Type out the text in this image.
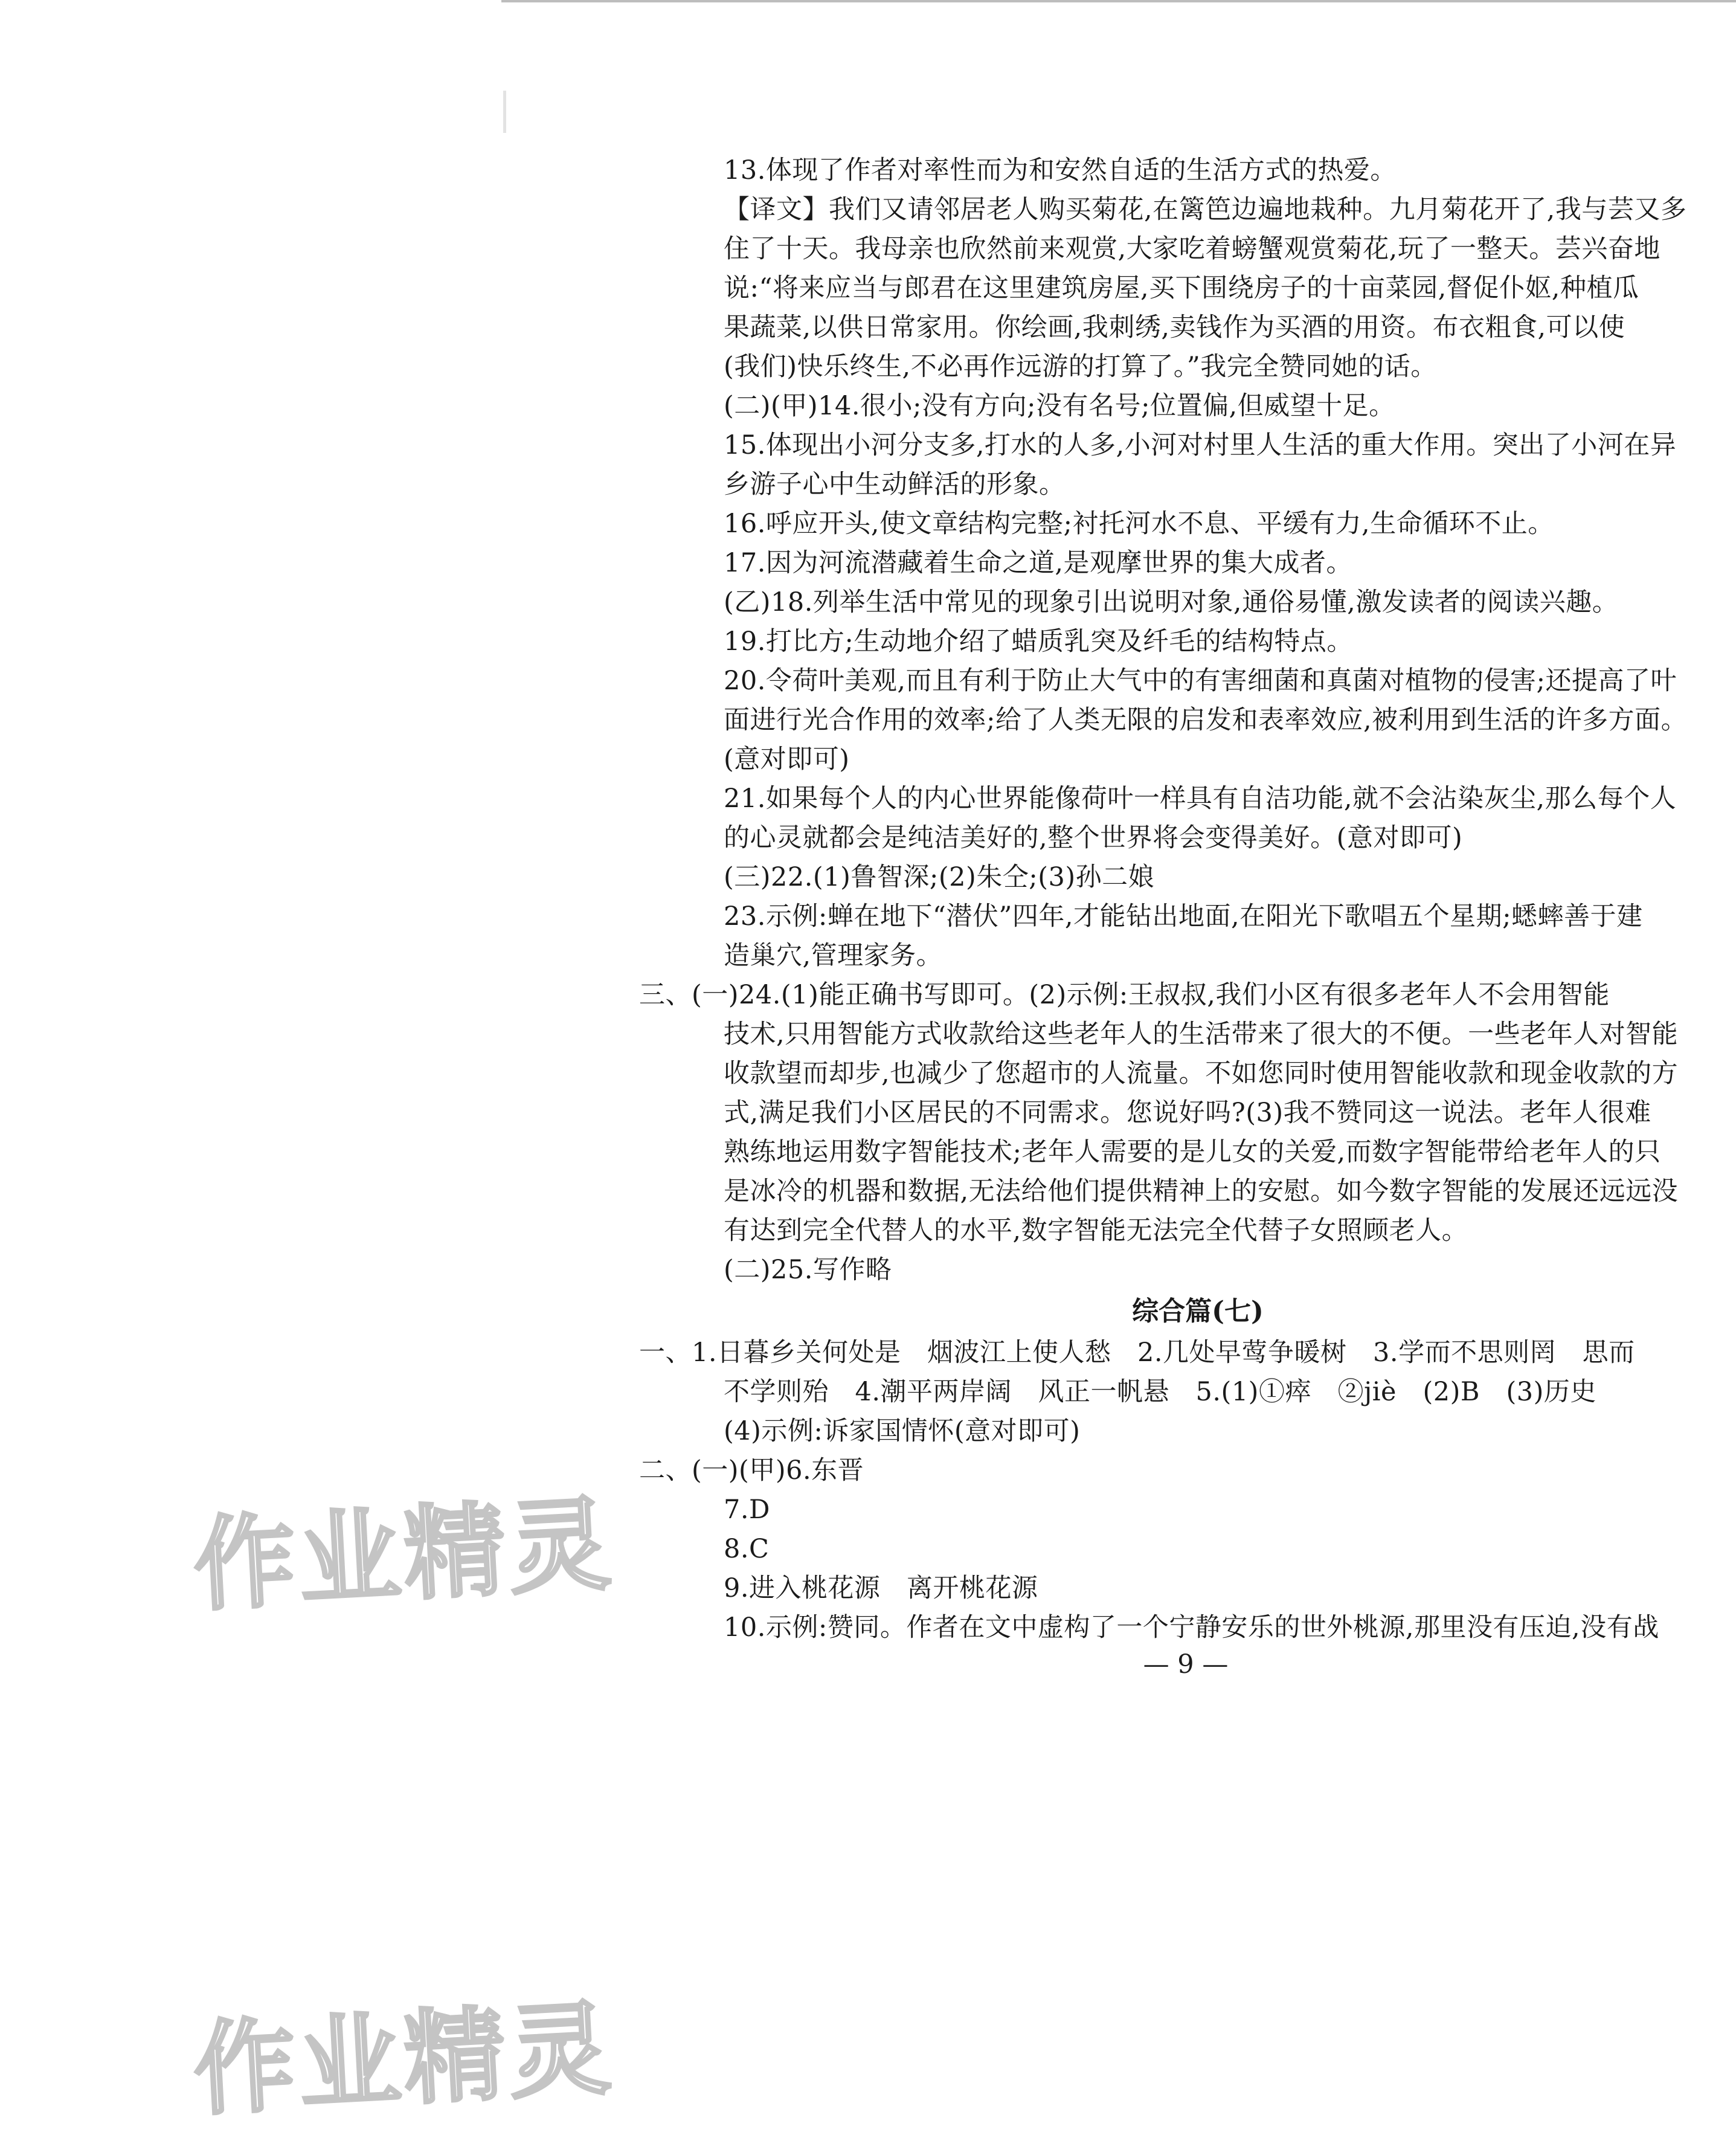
13.体现了作者对率性而为和安然自适的生活方式的热爱。
【译文】我们又请邻居老人购买菊花,在篱笆边遍地栽种。九月菊花开了,我与芸又多
住了十天。我母亲也欣然前来观赏,大家吃着螃蟹观赏菊花,玩了一整天。芸兴奋地
说:“将来应当与郎君在这里建筑房屋,买下围绕房子的十亩菜园,督促仆妪,种植瓜
果蔬菜,以供日常家用。你绘画,我刺绣,卖钱作为买酒的用资。布衣粗食,可以使
(我们)快乐终生,不必再作远游的打算了。”我完全赞同她的话。
(二)(甲)14.很小;没有方向;没有名号;位置偏,但威望十足。
15.体现出小河分支多,打水的人多,小河对村里人生活的重大作用。突出了小河在异
乡游子心中生动鲜活的形象。
16.呼应开头,使文章结构完整;衬托河水不息、平缓有力,生命循环不止。
17.因为河流潜藏着生命之道,是观摩世界的集大成者。
(乙)18.列举生活中常见的现象引出说明对象,通俗易懂,激发读者的阅读兴趣。
19.打比方;生动地介绍了蜡质乳突及纤毛的结构特点。
20.令荷叶美观,而且有利于防止大气中的有害细菌和真菌对植物的侵害;还提高了叶
面进行光合作用的效率;给了人类无限的启发和表率效应,被利用到生活的许多方面。
(意对即可)
21.如果每个人的内心世界能像荷叶一样具有自洁功能,就不会沾染灰尘,那么每个人
的心灵就都会是纯洁美好的,整个世界将会变得美好。(意对即可)
(三)22.(1)鲁智深;(2)朱仝;(3)孙二娘
23.示例:蝉在地下“潜伏”四年,才能钻出地面,在阳光下歌唱五个星期;蟋蟀善于建
造巢穴,管理家务。
三、(一)24.(1)能正确书写即可。(2)示例:王叔叔,我们小区有很多老年人不会用智能
技术,只用智能方式收款给这些老年人的生活带来了很大的不便。一些老年人对智能
收款望而却步,也减少了您超市的人流量。不如您同时使用智能收款和现金收款的方
式,满足我们小区居民的不同需求。您说好吗?(3)我不赞同这一说法。老年人很难
熟练地运用数字智能技术;老年人需要的是儿女的关爱,而数字智能带给老年人的只
是冰冷的机器和数据,无法给他们提供精神上的安慰。如今数字智能的发展还远远没
有达到完全代替人的水平,数字智能无法完全代替子女照顾老人。
(二)25.写作略
综合篇(七)
一、1.日暮乡关何处是　烟波江上使人愁　2.几处早莺争暖树　3.学而不思则罔　思而
不学则殆　4.潮平两岸阔　风正一帆悬　5.(1)①瘁　②jiè　(2)B　(3)历史
(4)示例:诉家国情怀(意对即可)
二、(一)(甲)6.东晋
7.D
8.C
9.进入桃花源　离开桃花源
10.示例:赞同。作者在文中虚构了一个宁静安乐的世外桃源,那里没有压迫,没有战
— 9 —
作业精灵
作业精灵
